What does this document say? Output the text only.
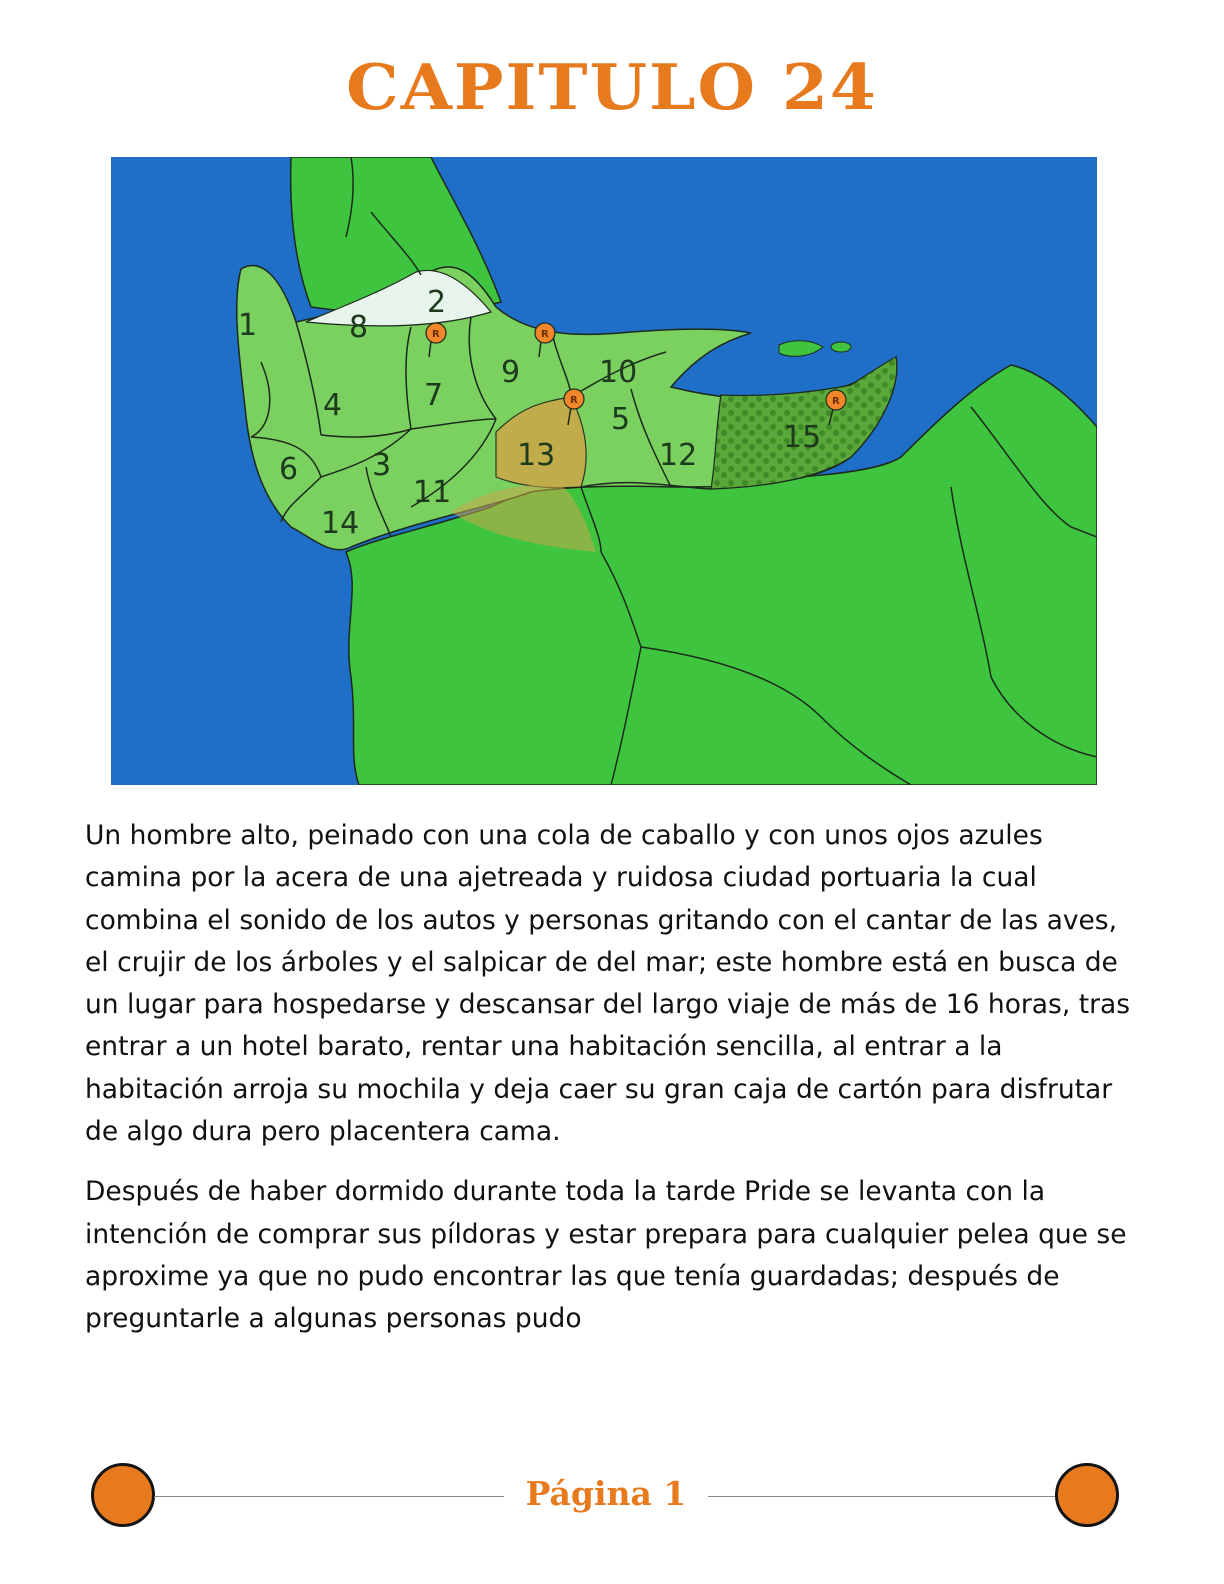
CAPITULO 24
1
2
3
4	5
6
7
8
9	10
11
12
13
14
15
R	R
R	R

Un hombre alto, peinado con una cola de caballo y con unos ojos azules camina por la acera de una ajetreada y ruidosa ciudad portuaria la cual combina el sonido de los autos y personas gritando con el cantar de las aves, el crujir de los árboles y el salpicar de del mar; este hombre está en busca de un lugar para hospedarse y descansar del largo viaje de más de 16 horas, tras entrar a un hotel barato, rentar una habitación sencilla, al entrar a la habitación arroja su mochila y deja caer su gran caja de cartón para disfrutar de algo dura pero placentera cama.

Después de haber dormido durante toda la tarde Pride se levanta con la intención de comprar sus píldoras y estar prepara para cualquier pelea que se aproxime ya que no pudo encontrar las que tenía guardadas; después de preguntarle a algunas personas pudo

Página 1
